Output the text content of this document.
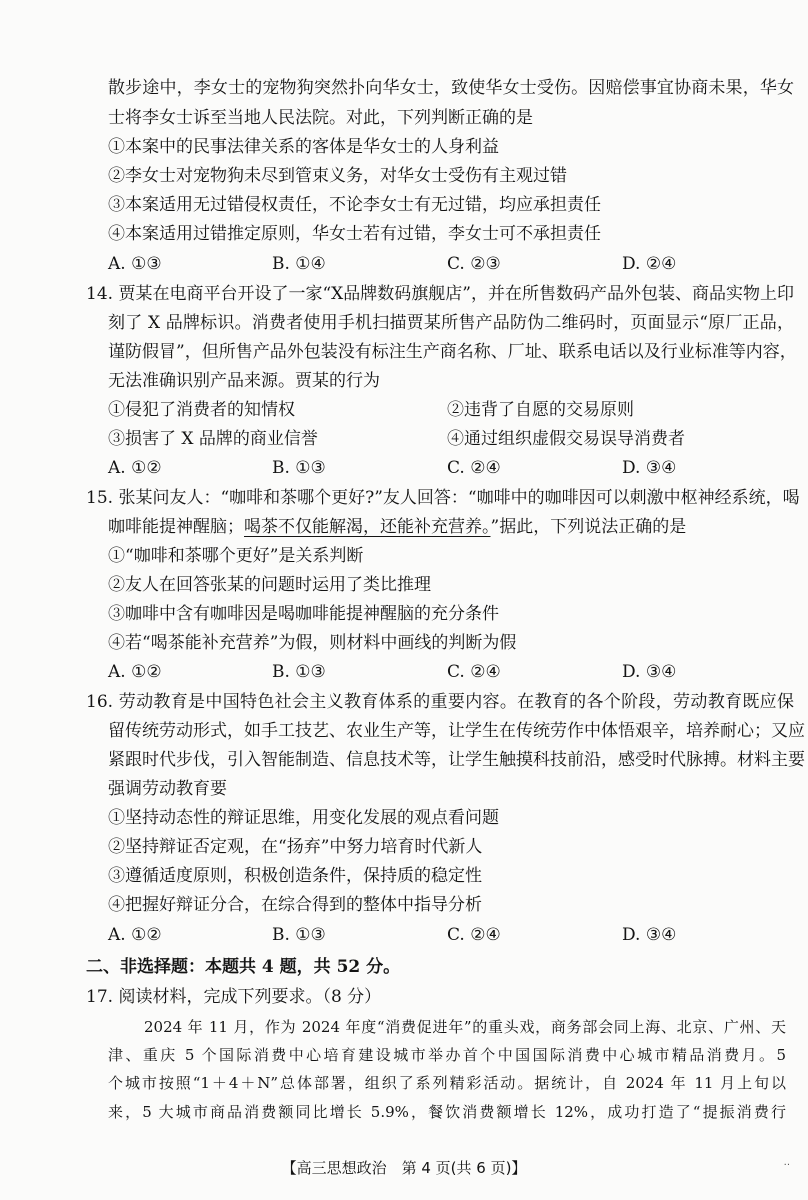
散步途中，李女士的宠物狗突然扑向华女士，致使华女士受伤。因赔偿事宜协商未果，华女
士将李女士诉至当地人民法院。对此，下列判断正确的是
①本案中的民事法律关系的客体是华女士的人身利益
②李女士对宠物狗未尽到管束义务，对华女士受伤有主观过错
③本案适用无过错侵权责任，不论李女士有无过错，均应承担责任
④本案适用过错推定原则，华女士若有过错，李女士可不承担责任
A. ①③	B. ①④	C. ②③	D. ②④
14. 贾某在电商平台开设了一家“X品牌数码旗舰店”，并在所售数码产品外包装、商品实物上印
刻了 X 品牌标识。消费者使用手机扫描贾某所售产品防伪二维码时，页面显示“原厂正品，
谨防假冒”，但所售产品外包装没有标注生产商名称、厂址、联系电话以及行业标准等内容，
无法准确识别产品来源。贾某的行为
①侵犯了消费者的知情权	②违背了自愿的交易原则
③损害了 X 品牌的商业信誉	④通过组织虚假交易误导消费者
A. ①②	B. ①③	C. ②④	D. ③④
15. 张某问友人：“咖啡和茶哪个更好?”友人回答：“咖啡中的咖啡因可以刺激中枢神经系统，喝
咖啡能提神醒脑；喝茶不仅能解渴，还能补充营养。”据此，下列说法正确的是
①“咖啡和茶哪个更好”是关系判断
②友人在回答张某的问题时运用了类比推理
③咖啡中含有咖啡因是喝咖啡能提神醒脑的充分条件
④若“喝茶能补充营养”为假，则材料中画线的判断为假
A. ①②	B. ①③	C. ②④	D. ③④
16. 劳动教育是中国特色社会主义教育体系的重要内容。在教育的各个阶段，劳动教育既应保
留传统劳动形式，如手工技艺、农业生产等，让学生在传统劳作中体悟艰辛，培养耐心；又应
紧跟时代步伐，引入智能制造、信息技术等，让学生触摸科技前沿，感受时代脉搏。材料主要
强调劳动教育要
①坚持动态性的辩证思维，用变化发展的观点看问题
②坚持辩证否定观，在“扬弃”中努力培育时代新人
③遵循适度原则，积极创造条件，保持质的稳定性
④把握好辩证分合，在综合得到的整体中指导分析
A. ①②	B. ①③	C. ②④	D. ③④
二、非选择题：本题共 4 题，共 52 分。
17. 阅读材料，完成下列要求。（8 分）
2024 年 11 月，作为 2024 年度“消费促进年”的重头戏，商务部会同上海、北京、广州、天
津、重庆 5 个国际消费中心培育建设城市举办首个中国国际消费中心城市精品消费月。5
个城市按照“1＋4＋N”总体部署，组织了系列精彩活动。据统计，自 2024 年 11 月上旬以
来，5 大城市商品消费额同比增长 5.9%，餐饮消费额增长 12%，成功打造了“提振消费行
【高三思想政治　第 4 页(共 6 页)】	··
